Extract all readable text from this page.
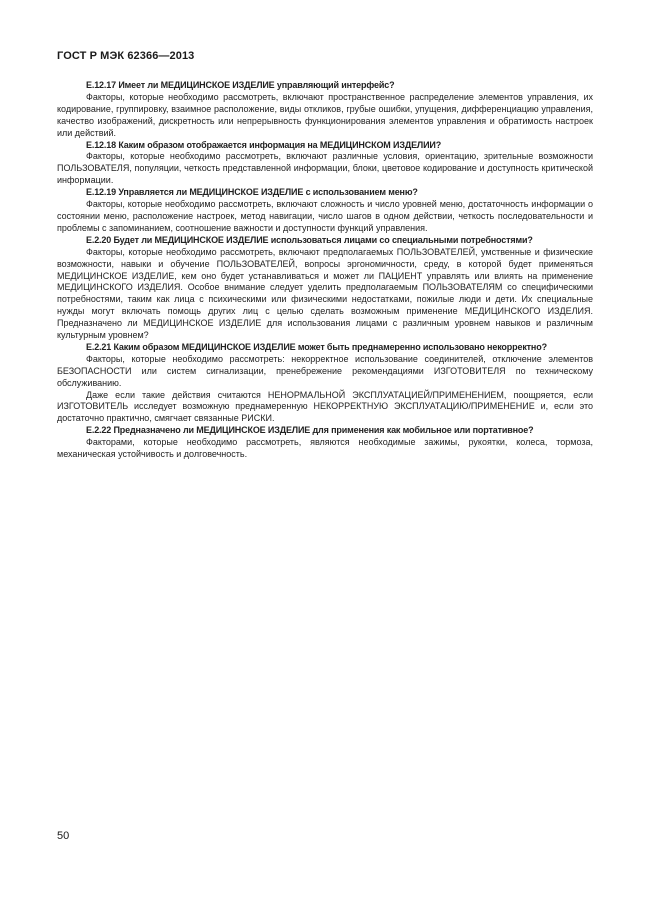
ГОСТ Р МЭК 62366—2013

Е.12.17 Имеет ли МЕДИЦИНСКОЕ ИЗДЕЛИЕ управляющий интерфейс?

Факторы, которые необходимо рассмотреть, включают пространственное распределение элементов управления, их кодирование, группировку, взаимное расположение, виды откликов, грубые ошибки, упущения, дифференциацию управления, качество изображений, дискретность или непрерывность функционирования элементов управления и обратимость настроек или действий.

Е.12.18 Каким образом отображается информация на МЕДИЦИНСКОМ ИЗДЕЛИИ?

Факторы, которые необходимо рассмотреть, включают различные условия, ориентацию, зрительные возможности ПОЛЬЗОВАТЕЛЯ, популяции, четкость представленной информации, блоки, цветовое кодирование и доступность критической информации.

Е.12.19 Управляется ли МЕДИЦИНСКОЕ ИЗДЕЛИЕ с использованием меню?

Факторы, которые необходимо рассмотреть, включают сложность и число уровней меню, достаточность информации о состоянии меню, расположение настроек, метод навигации, число шагов в одном действии, четкость последовательности и проблемы с запоминанием, соотношение важности и доступности функций управления.

Е.2.20 Будет ли МЕДИЦИНСКОЕ ИЗДЕЛИЕ использоваться лицами со специальными потребностями?

Факторы, которые необходимо рассмотреть, включают предполагаемых ПОЛЬЗОВАТЕЛЕЙ, умственные и физические возможности, навыки и обучение ПОЛЬЗОВАТЕЛЕЙ, вопросы эргономичности, среду, в которой будет применяться МЕДИЦИНСКОЕ ИЗДЕЛИЕ, кем оно будет устанавливаться и может ли ПАЦИЕНТ управлять или влиять на применение МЕДИЦИНСКОГО ИЗДЕЛИЯ. Особое внимание следует уделить предполагаемым ПОЛЬЗОВАТЕЛЯМ со специфическими потребностями, таким как лица с психическими или физическими недостатками, пожилые люди и дети. Их специальные нужды могут включать помощь других лиц с целью сделать возможным применение МЕДИЦИНСКОГО ИЗДЕЛИЯ. Предназначено ли МЕДИЦИНСКОЕ ИЗДЕЛИЕ для использования лицами с различным уровнем навыков и различным культурным уровнем?

Е.2.21 Каким образом МЕДИЦИНСКОЕ ИЗДЕЛИЕ может быть преднамеренно использовано некорректно?

Факторы, которые необходимо рассмотреть: некорректное использование соединителей, отключение элементов БЕЗОПАСНОСТИ или систем сигнализации, пренебрежение рекомендациями ИЗГОТОВИТЕЛЯ по техническому обслуживанию.

Даже если такие действия считаются НЕНОРМАЛЬНОЙ ЭКСПЛУАТАЦИЕЙ/ПРИМЕНЕНИЕМ, поощряется, если ИЗГОТОВИТЕЛЬ исследует возможную преднамеренную НЕКОРРЕКТНУЮ ЭКСПЛУАТАЦИЮ/ПРИМЕНЕНИЕ и, если это достаточно практично, смягчает связанные РИСКИ.

Е.2.22 Предназначено ли МЕДИЦИНСКОЕ ИЗДЕЛИЕ для применения как мобильное или портативное?

Факторами, которые необходимо рассмотреть, являются необходимые зажимы, рукоятки, колеса, тормоза, механическая устойчивость и долговечность.

50
